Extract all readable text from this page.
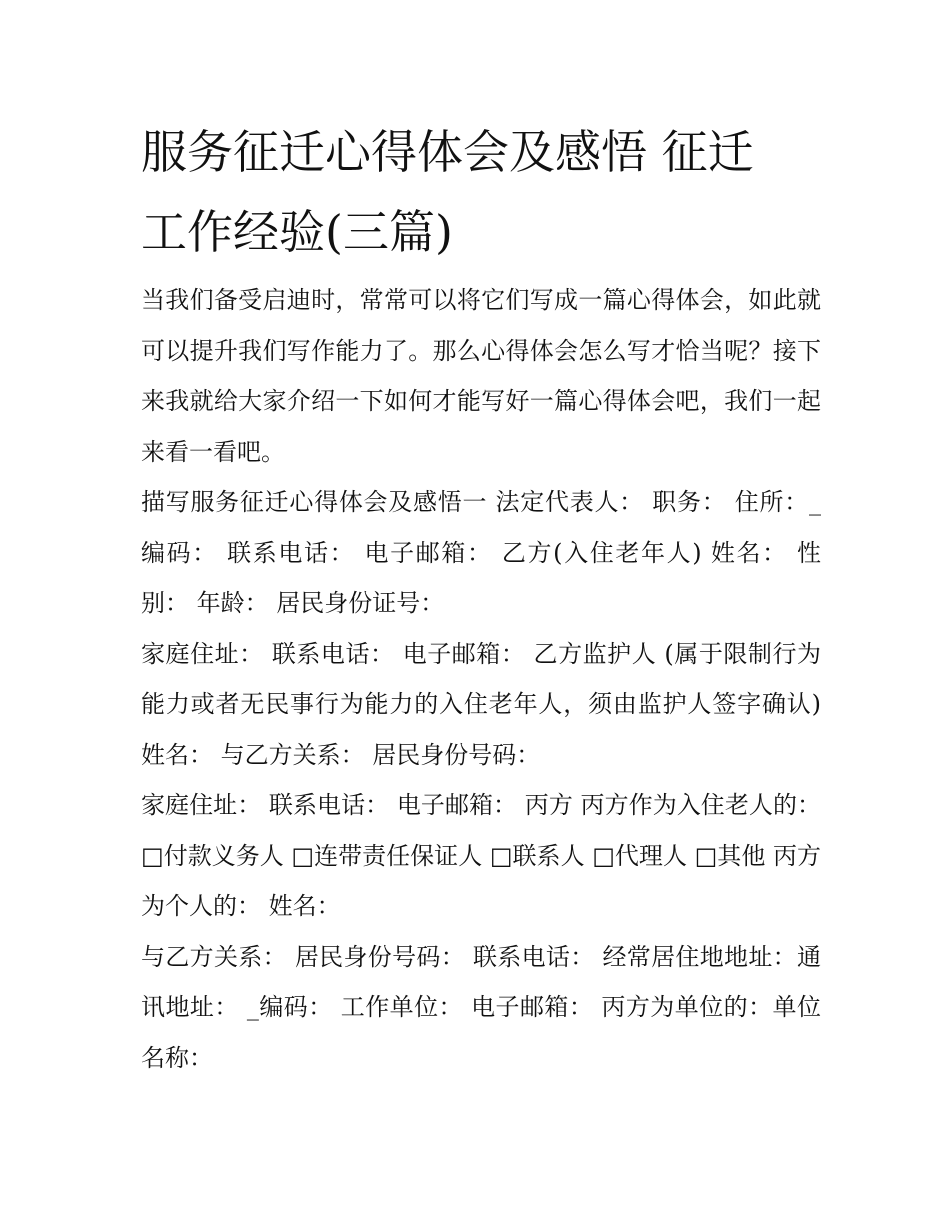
服务征迁心得体会及感悟 征迁
工作经验(三篇)

当我们备受启迪时，常常可以将它们写成一篇心得体会，如此就可以提升我们写作能力了。那么心得体会怎么写才恰当呢？接下来我就给大家介绍一下如何才能写好一篇心得体会吧，我们一起来看一看吧。

描写服务征迁心得体会及感悟一 法定代表人： 职务： 住所：_编码： 联系电话： 电子邮箱： 乙方(入住老年人) 姓名： 性别： 年龄： 居民身份证号：

家庭住址： 联系电话： 电子邮箱： 乙方监护人 (属于限制行为能力或者无民事行为能力的入住老年人，须由监护人签字确认) 姓名： 与乙方关系： 居民身份号码：

家庭住址： 联系电话： 电子邮箱： 丙方 丙方作为入住老人的： □付款义务人 □连带责任保证人 □联系人 □代理人 □其他 丙方为个人的： 姓名：

与乙方关系： 居民身份号码： 联系电话： 经常居住地地址：通讯地址： _编码： 工作单位： 电子邮箱： 丙方为单位的：单位名称：
